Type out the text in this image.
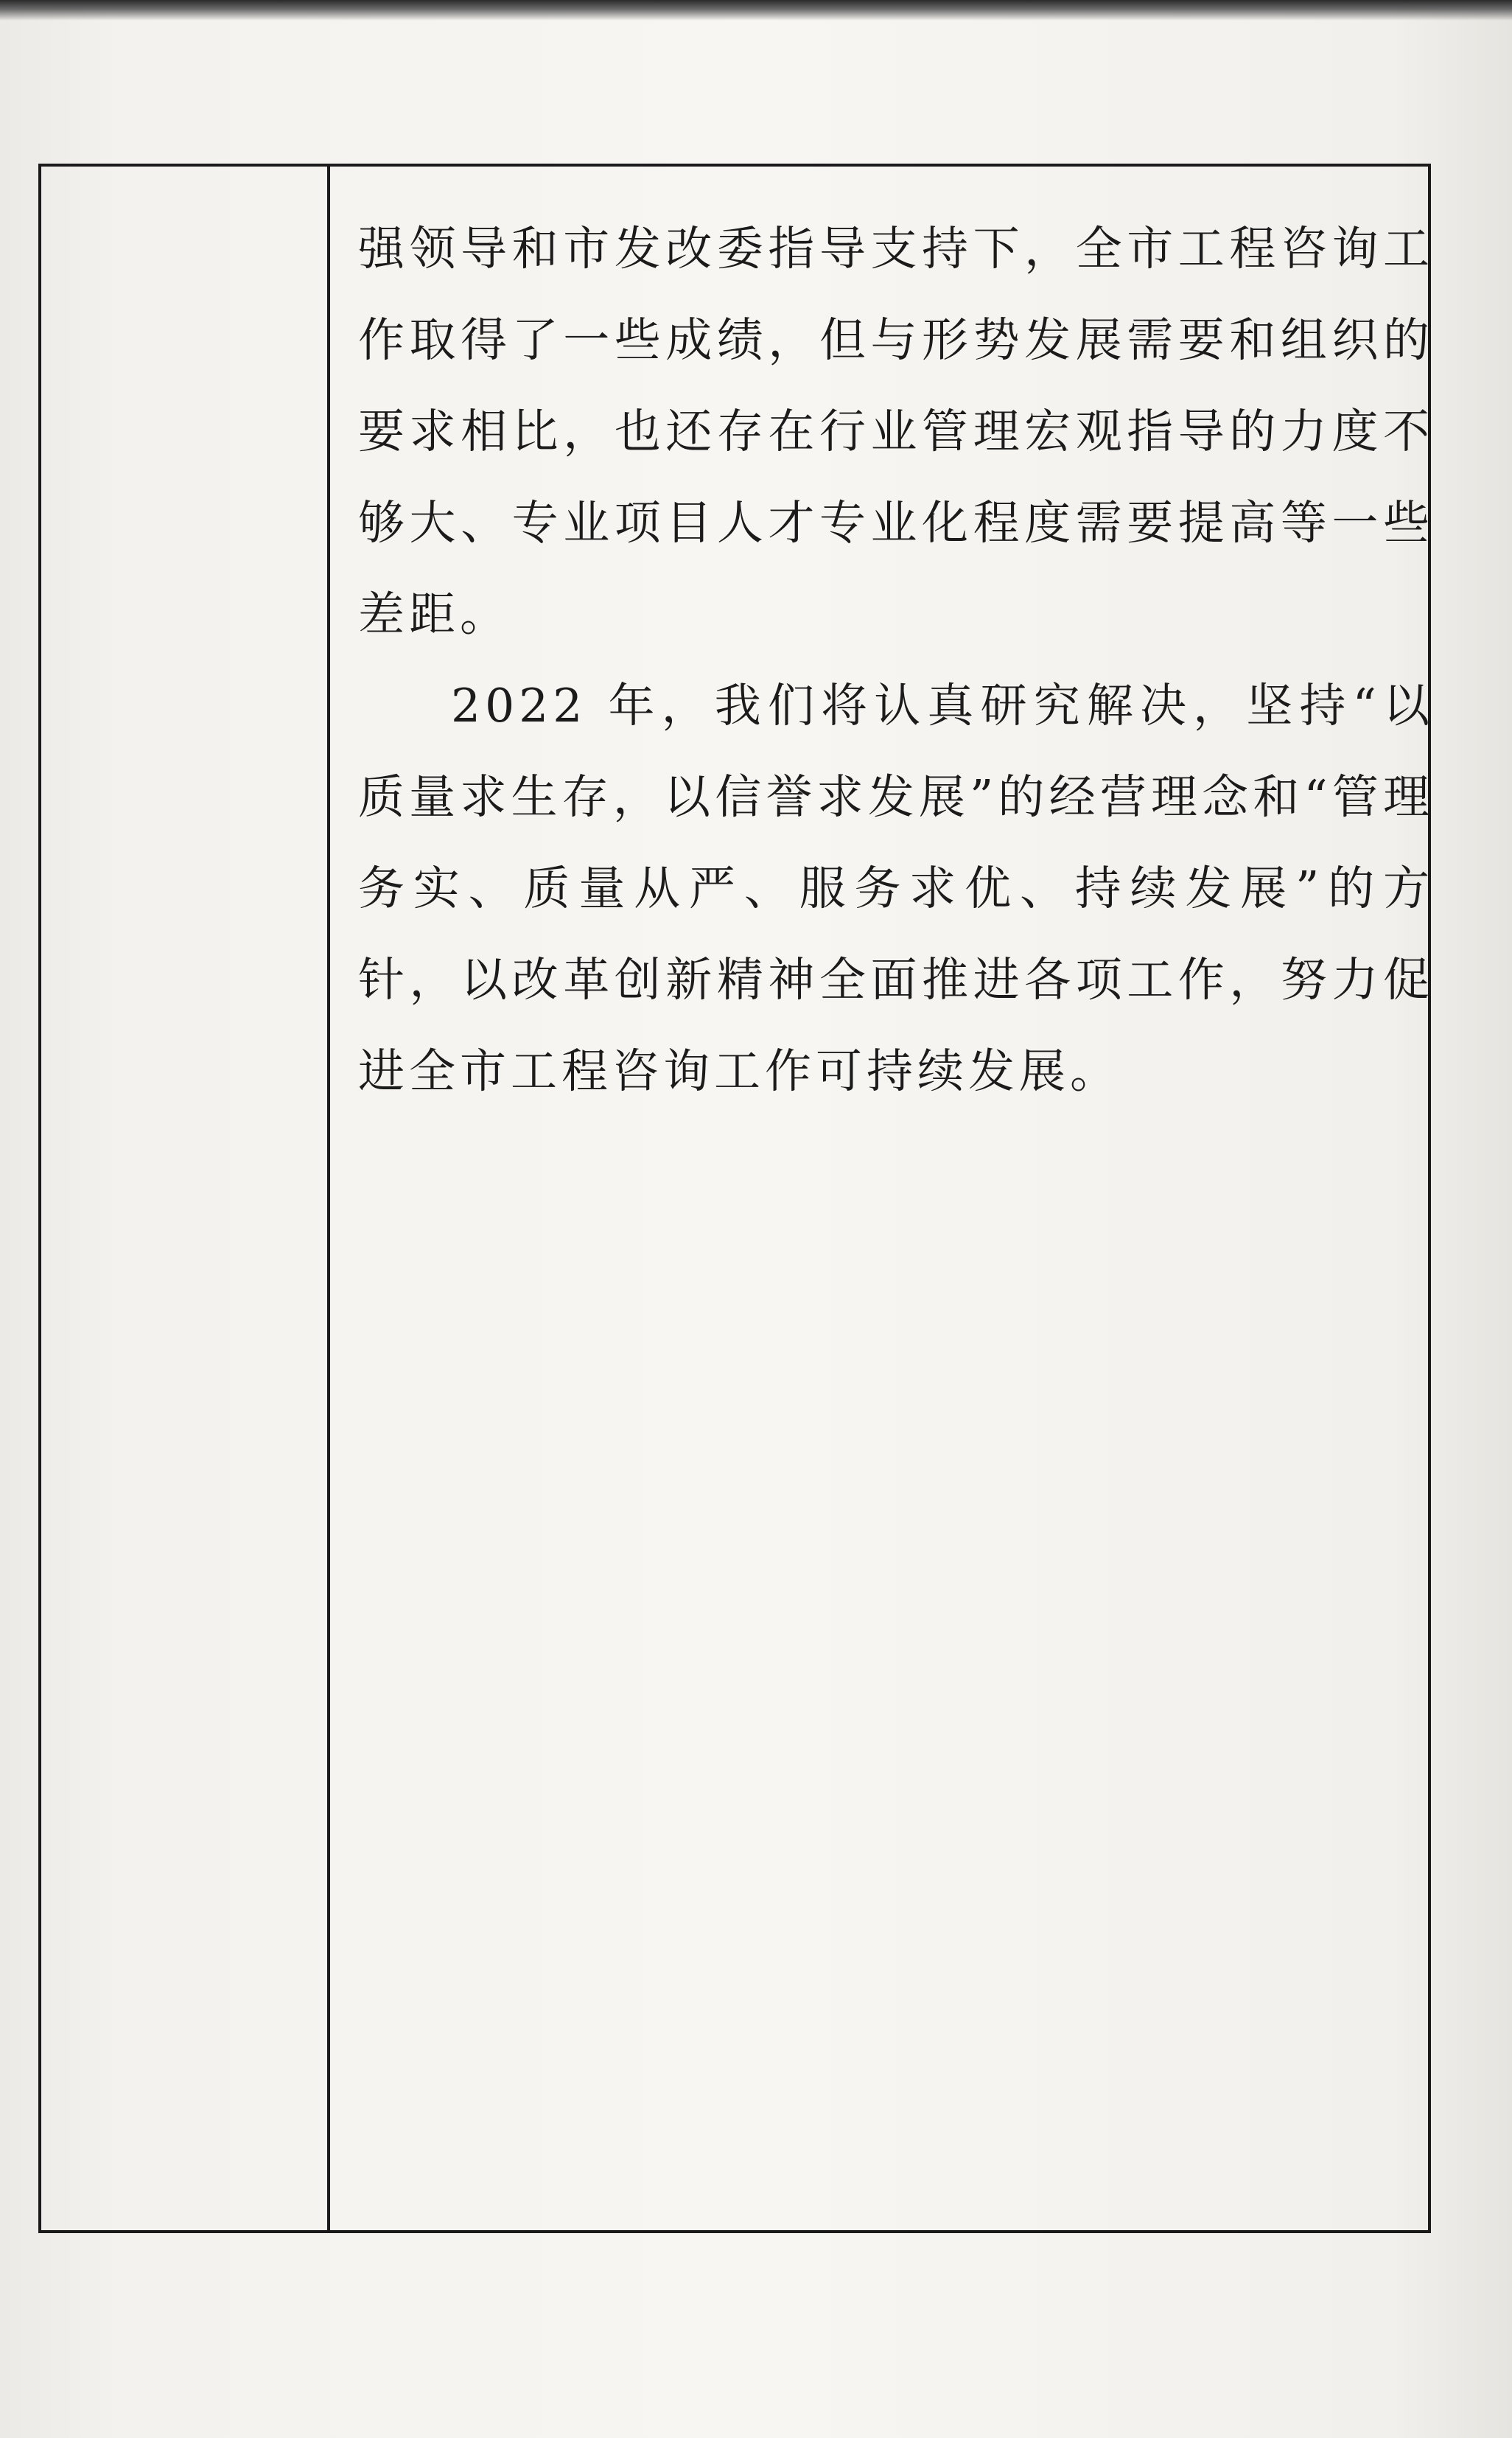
强领导和市发改委指导支持下，全市工程咨询工作取得了一些成绩，但与形势发展需要和组织的要求相比，也还存在行业管理宏观指导的力度不够大、专业项目人才专业化程度需要提高等一些差距。

2022 年，我们将认真研究解决，坚持“以质量求生存，以信誉求发展”的经营理念和“管理务实、质量从严、服务求优、持续发展”的方针，以改革创新精神全面推进各项工作，努力促进全市工程咨询工作可持续发展。
